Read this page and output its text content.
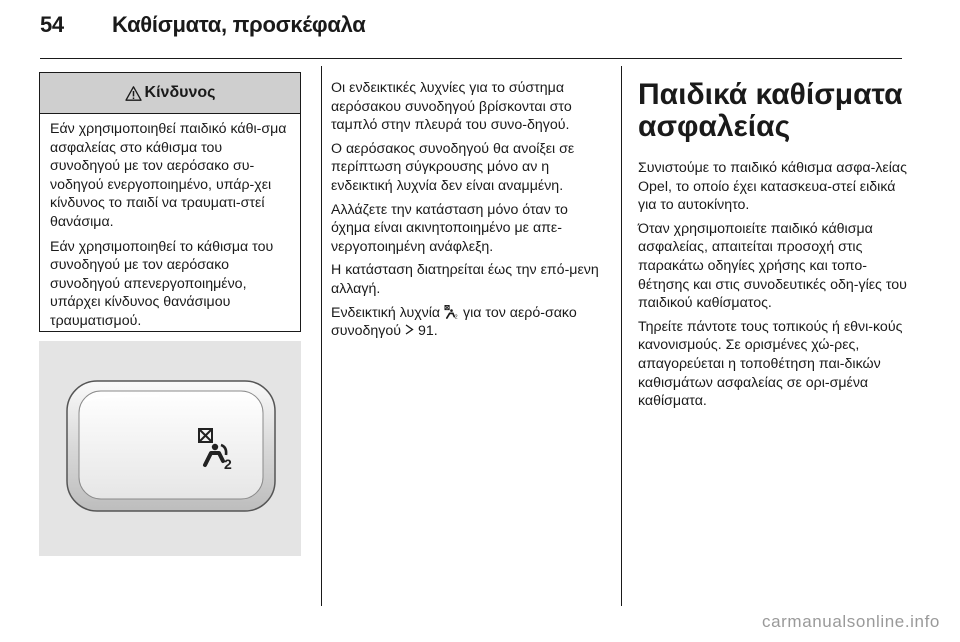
54 Καθίσματα, προσκέφαλα
Κίνδυνος

Εάν χρησιμοποιηθεί παιδικό κάθι-σμα ασφαλείας στο κάθισμα του συνοδηγού με τον αερόσακο συ-νοδηγού ενεργοποιημένο, υπάρ-χει κίνδυνος το παιδί να τραυματι-στεί θανάσιμα.

Εάν χρησιμοποιηθεί το κάθισμα του συνοδηγού με τον αερόσακο συνοδηγού απενεργοποιημένο, υπάρχει κίνδυνος θανάσιμου τραυματισμού.

2

Οι ενδεικτικές λυχνίες για το σύστημα αερόσακου συνοδηγού βρίσκονται στο ταμπλό στην πλευρά του συνο-δηγού.

Ο αερόσακος συνοδηγού θα ανοίξει σε περίπτωση σύγκρουσης μόνο αν η ενδεικτική λυχνία δεν είναι αναμμένη.

Αλλάζετε την κατάσταση μόνο όταν το όχημα είναι ακινητοποιημένο με απε-νεργοποιημένη ανάφλεξη.

Η κατάσταση διατηρείται έως την επό-μενη αλλαγή.

Ενδεικτική λυχνία	2 για τον αερό-σακο συνοδηγού 91.

Παιδικά καθίσματα ασφαλείας

Συνιστούμε το παιδικό κάθισμα ασφα-λείας Opel, το οποίο έχει κατασκευα-στεί ειδικά για το αυτοκίνητο.

Όταν χρησιμοποιείτε παιδικό κάθισμα ασφαλείας, απαιτείται προσοχή στις παρακάτω οδηγίες χρήσης και τοπο-θέτησης και στις συνοδευτικές οδη-γίες του παιδικού καθίσματος.

Τηρείτε πάντοτε τους τοπικούς ή εθνι-κούς κανονισμούς. Σε ορισμένες χώ-ρες, απαγορεύεται η τοποθέτηση παι-δικών καθισμάτων ασφαλείας σε ορι-σμένα καθίσματα.

carmanualsonline.info
